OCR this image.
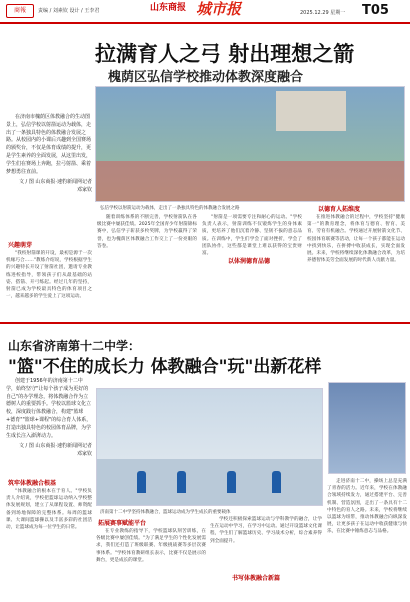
商報	责编 / 刘素钦 设计 / 王李君	山东商报 城市报	2025.12.29 星期一 T05
拉满育人之弓 射出理想之箭
槐荫区弘信学校推动体教深度融合

在济南市槐荫区体教融合的生动图景上，弘信学校以射箭运动为载体，走出了一条独具特色的体教融合发展之路。从校园内的小课后兴趣到全国赛场的颁奖台，不仅是体育成绩的提升，更是学生素养的全面发展，从这里出发，学生们在赛场上奔跑，拉弓射箭、乘着梦想勇往直前。

文 / 图 山东商报·速豹新闻网记者 邓家钦

弘信学校以射箭运动为载体，走出了一条独具特色的体教融合发展之路
兴趣萌芽

"我校射箭课的开设，最初是源于一次机缘巧合……"教练介绍说，学校根据学生的兴趣特长开设了射箭社团，邀请专业教练进校指导，带领孩子们从最基础的站姿、搭箭、开弓练起。经过几年的坚持，射箭已成为学校最具特色的体育项目之一，越来越多的学生爱上了这项运动。

随着训练体系的不断完善，学校射箭队在各级比赛中屡获佳绩。2025年全国青少年射箭锦标赛中，弘信学子斩获多枚奖牌，为学校赢得了荣誉，也为槐荫区体教融合工作交上了一份亮眼的答卷。

"射箭是一项需要专注和耐心的运动。"学校负责人表示，射箭训练不仅锻炼学生的身体素质，更培养了他们沉着冷静、坚韧不拔的意志品质。在训练中，学生们学会了面对挫折，学会了团队协作，这些都是课堂上难以获得的宝贵财富。

以体润德育品德
以德育人拓维度

在推进体教融合的过程中，学校坚持"健康第一"的教育理念，将体育与德育、智育、美育、劳育有机融合。学校通过开展射箭文化节、校园体育联赛等活动，让每一个孩子都能在运动中找到快乐，在拼搏中收获成长，实现全面发展。未来，学校将继续深化体教融合改革，为培养德智体美劳全面发展的时代新人贡献力量。

山东省济南第十二中学：
"篮"不住的成长力 体教融合"玩"出新花样

创建于1956年的济南第十二中学，始终坚守"让每个孩子成为更好的自己"的办学理念，将体教融合作为立德树人的重要抓手。学校以篮球文化立校，深度践行体教融合，构建"篮球+德育""篮球+课程"的综合育人体系，打造出独具特色的校园体育品牌，为学生成长注入澎湃动力。

文 / 图 山东商报·速豹新闻网记者 邓家钦

济南第十二中学坚持体教融合，篮球运动成为学生成长的重要载体
筑牢体教融合根基

"体教融合的根本在于育人。"学校负责人介绍说，学校把篮球运动纳入学校整体发展规划，建立了从课程设置、师资配备到场地保障的完整体系。每周的篮球课、大课间篮球操以及丰富多彩的社团活动，让篮球成为每一位学生的日常。

拓展赛事赋能平台

在专业教练的指导下，学校篮球队刻苦训练，在各级比赛中屡创佳绩。"为了满足学生的个性化发展需求，我们还打造了班级联赛、年级挑战赛等多层次赛事体系。"学校体育教研组长表示，比赛不仅是展示的舞台，更是成长的课堂。

学校还积极探索篮球运动与学科教学的融合，让学生在运动中学习，在学习中运动。通过开设篮球文化课程，学生们了解篮球历史、学习战术分析，综合素养得到全面提升。

书写体教融合新篇

走进济南十二中，操场上总是充满了青春的活力。近年来，学校在体教融合领域持续发力，通过搭建平台、完善机制、营造氛围，走出了一条具有十二中特色的育人之路。未来，学校将继续以篮球为纽带，推动体教融合向纵深发展，让更多孩子在运动中收获健康与快乐，在比赛中锤炼意志与品格。
